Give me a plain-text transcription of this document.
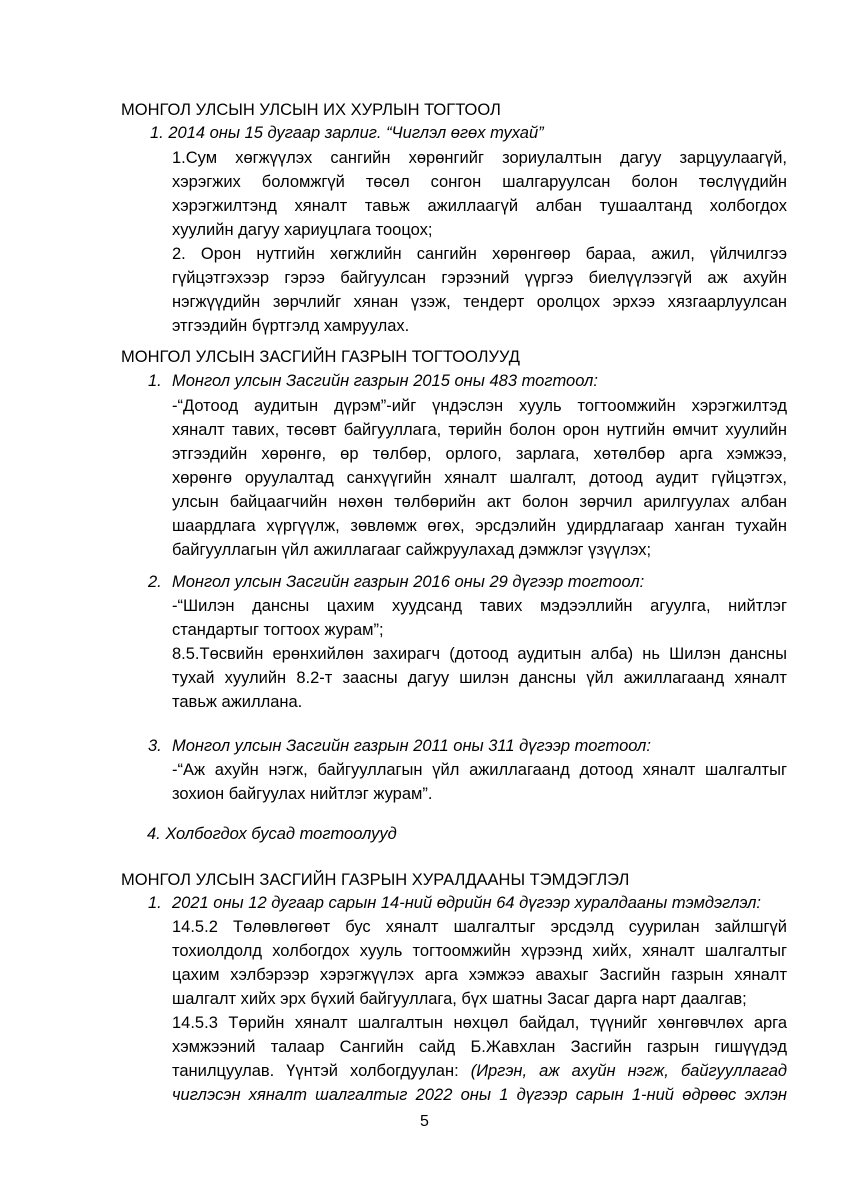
МОНГОЛ УЛСЫН УЛСЫН ИХ ХУРЛЫН ТОГТООЛ
1. 2014 оны 15 дугаар зарлиг. “Чиглэл өгөх тухай”
1.Сум хөгжүүлэх сангийн хөрөнгийг зориулалтын дагуу зарцуулаагүй,
хэрэгжих боломжгүй төсөл сонгон шалгаруулсан болон төслүүдийн
хэрэгжилтэнд хяналт тавьж ажиллаагүй албан тушаалтанд холбогдох
хуулийн дагуу хариуцлага тооцох;
2. Орон нутгийн хөгжлийн сангийн хөрөнгөөр бараа, ажил, үйлчилгээ
гүйцэтгэхээр гэрээ байгуулсан гэрээний үүргээ биелүүлээгүй аж ахуйн
нэгжүүдийн зөрчлийг хянан үзэж, тендерт оролцох эрхээ хязгаарлуулсан
этгээдийн бүртгэлд хамруулах.
МОНГОЛ УЛСЫН ЗАСГИЙН ГАЗРЫН ТОГТООЛУУД
1. Монгол улсын Засгийн газрын 2015 оны 483 тогтоол:
-“Дотоод аудитын дүрэм”-ийг үндэслэн хууль тогтоомжийн хэрэгжилтэд
хяналт тавих, төсөвт байгууллага, төрийн болон орон нутгийн өмчит хуулийн
этгээдийн хөрөнгө, өр төлбөр, орлого, зарлага, хөтөлбөр арга хэмжээ,
хөрөнгө оруулалтад санхүүгийн хяналт шалгалт, дотоод аудит гүйцэтгэх,
улсын байцаагчийн нөхөн төлбөрийн акт болон зөрчил арилгуулах албан
шаардлага хүргүүлж, зөвлөмж өгөх, эрсдэлийн удирдлагаар ханган тухайн
байгууллагын үйл ажиллагааг сайжруулахад дэмжлэг үзүүлэх;
2. Монгол улсын Засгийн газрын 2016 оны 29 дүгээр тогтоол:
-“Шилэн дансны цахим хуудсанд тавих мэдээллийн агуулга, нийтлэг
стандартыг тогтоох журам”;
8.5.Төсвийн ерөнхийлөн захирагч (дотоод аудитын алба) нь Шилэн дансны
тухай хуулийн 8.2-т заасны дагуу шилэн дансны үйл ажиллагаанд хяналт
тавьж ажиллана.
3. Монгол улсын Засгийн газрын 2011 оны 311 дүгээр тогтоол:
-“Аж ахуйн нэгж, байгууллагын үйл ажиллагаанд дотоод хяналт шалгалтыг
зохион байгуулах нийтлэг журам”.
4. Холбогдох бусад тогтоолууд
МОНГОЛ УЛСЫН ЗАСГИЙН ГАЗРЫН ХУРАЛДААНЫ ТЭМДЭГЛЭЛ
1. 2021 оны 12 дугаар сарын 14-ний өдрийн 64 дүгээр хуралдааны тэмдэглэл:
14.5.2 Төлөвлөгөөт бус хяналт шалгалтыг эрсдэлд суурилан зайлшгүй
тохиолдолд холбогдох хууль тогтоомжийн хүрээнд хийх, хяналт шалгалтыг
цахим хэлбэрээр хэрэгжүүлэх арга хэмжээ авахыг Засгийн газрын хяналт
шалгалт хийх эрх бүхий байгууллага, бүх шатны Засаг дарга нарт даалгав;
14.5.3 Төрийн хяналт шалгалтын нөхцөл байдал, түүнийг хөнгөвчлөх арга
хэмжээний талаар Сангийн сайд Б.Жавхлан Засгийн газрын гишүүдэд
танилцуулав. Үүнтэй холбогдуулан: (Иргэн, аж ахуйн нэгж, байгууллагад
чиглэсэн хяналт шалгалтыг 2022 оны 1 дүгээр сарын 1-ний өдрөөс эхлэн
5
